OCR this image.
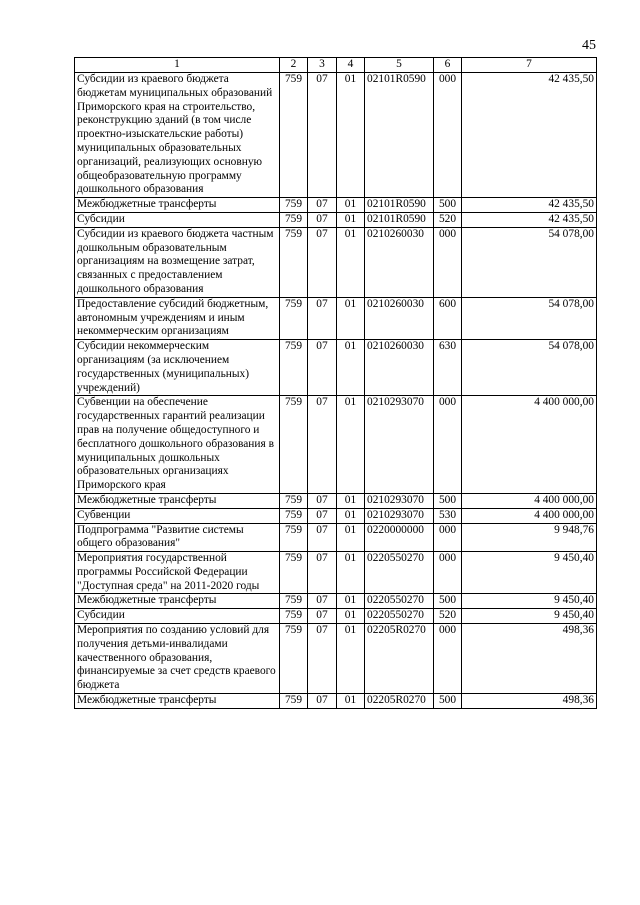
45
1	2	3	4	5	6	7
Субсидии из краевого бюджета бюджетам муниципальных образований Приморского края на строительство, реконструкцию зданий (в том числе проектно-изыскательские работы) муниципальных образовательных организаций, реализующих основную общеобразовательную программу дошкольного образования	759	07	01	02101R0590	000	42 435,50
Межбюджетные трансферты	759	07	01	02101R0590	500	42 435,50
Субсидии	759	07	01	02101R0590	520	42 435,50
Субсидии из краевого бюджета частным дошкольным образовательным организациям на возмещение затрат, связанных с предоставлением дошкольного образования	759	07	01	0210260030	000	54 078,00
Предоставление субсидий бюджетным, автономным учреждениям и иным некоммерческим организациям	759	07	01	0210260030	600	54 078,00
Субсидии некоммерческим организациям (за исключением государственных (муниципальных) учреждений)	759	07	01	0210260030	630	54 078,00
Субвенции на обеспечение государственных гарантий реализации прав на получение общедоступного и бесплатного дошкольного образования в муниципальных дошкольных образовательных организациях Приморского края	759	07	01	0210293070	000	4 400 000,00
Межбюджетные трансферты	759	07	01	0210293070	500	4 400 000,00
Субвенции	759	07	01	0210293070	530	4 400 000,00
Подпрограмма "Развитие системы общего образования"	759	07	01	0220000000	000	9 948,76
Мероприятия государственной программы Российской Федерации "Доступная среда" на 2011-2020 годы	759	07	01	0220550270	000	9 450,40
Межбюджетные трансферты	759	07	01	0220550270	500	9 450,40
Субсидии	759	07	01	0220550270	520	9 450,40
Мероприятия по созданию условий для получения детьми-инвалидами качественного образования, финансируемые за счет средств краевого бюджета	759	07	01	02205R0270	000	498,36
Межбюджетные трансферты	759	07	01	02205R0270	500	498,36
